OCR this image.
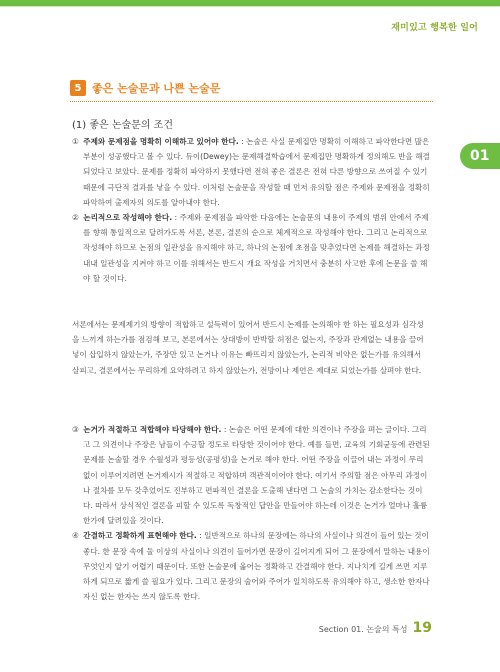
재미있고 행복한 일어
5 좋은 논술문과 나쁜 논술문
(1) 좋은 논술문의 조건
01

① 주제와 문제점을 명확히 이해하고 있어야 한다. : 논술은 사실 문제집만 명확히 이해하고 파악한다면 많은 부분이 성공했다고 볼 수 있다. 듀이(Dewey)는 문제해결학습에서 문제집만 명확하게 정의해도 반을 해결되었다고 보았다. 문제를 정확히 파악하지 못했다면 전혀 좋은 결론은 전혀 다른 방향으로 쓰여질 수 있기 때문에 극단적 결과를 낳을 수 있다. 이처럼 논술문을 작성할 때 먼저 유의할 점은 주제와 문제점을 정확히 파악하여 출제자의 의도를 알아내야 한다.

② 논리적으로 작성해야 한다. : 주제와 문제점을 파악한 다음에는 논술문의 내용이 주제의 범위 안에서 주제를 향해 통일적으로 달려가도록 서론, 본론, 결론의 순으로 체계적으로 작성해야 한다. 그리고 논리적으로 작성해야 하므로 논점의 일관성을 유지해야 하고, 하나의 논점에 초점을 맞추었다면 논제를 해결하는 과정 내내 일관성을 지켜야 하고 이를 위해서는 반드시 개요 작성을 거치면서 충분히 사고한 후에 논문을 쓸 해야 할 것이다.

서론에서는 문제제기의 방향이 적합하고 설득력이 있어서 반드시 논제를 논의해야 한 하는 필요성과 심각성을 느끼게 하는가를 점검해 보고, 본론에서는 상대방이 반박할 허점은 없는지, 주장과 관계없는 내용을 끌어넣이 삽입하지 않았는가, 주장만 있고 논거나 이유는 빠뜨리지 않았는가, 논리적 비약은 없는가를 유의해서 살피고, 결론에서는 무리하게 요약하려고 하지 않았는가, 전망이나 제언은 제대로 되었는가를 살펴야 한다.

③ 논거가 적절하고 적합해야 타당해야 한다. : 논술은 어떤 문제에 대한 의견이나 주장을 펴는 글이다. 그리고 그 의견이나 주장은 남들이 수긍할 정도로 타당한 것이어야 한다. 예를 들면, 교육의 기회균등에 관련된 문제를 논술할 경우 수월성과 평등성(공평성)을 논거로 해야 한다. 어떤 주장을 이끌어 내는 과정이 무리 없이 이루어지려면 논거제시가 적절하고 적합하며 객관적이어야 한다. 여기서 주의할 점은 아무리 과정이나 절차를 모두 갖추었어도 진부하고 편파적인 결론을 도출해 낸다면 그 논술의 가치는 감소한다는 것이다. 따라서 상식적인 결론을 피할 수 있도록 독창적인 답안을 만들어야 하는데 이것은 논거가 얼마나 훌륭한가에 달려있을 것이다.

④ 간결하고 정확하게 표현해야 한다. : 일반적으로 하나의 문장에는 하나의 사실이나 의견이 들어 있는 것이 좋다. 한 문장 속에 둘 이상의 사실이나 의견이 들어가면 문장이 길어지게 되어 그 문장에서 말하는 내용이 무엇인지 알기 어렵기 때문이다. 또한 논술문에 옮어는 정확하고 간결해야 한다. 지나치게 길게 쓰면 지루하게 되므로 짧게 쓸 필요가 있다. 그리고 문장의 술어와 주어가 일치하도록 유의해야 하고, 생소한 한자나 자신 없는 한자는 쓰지 않도록 한다.

Section 01. 논술의 특성 19
